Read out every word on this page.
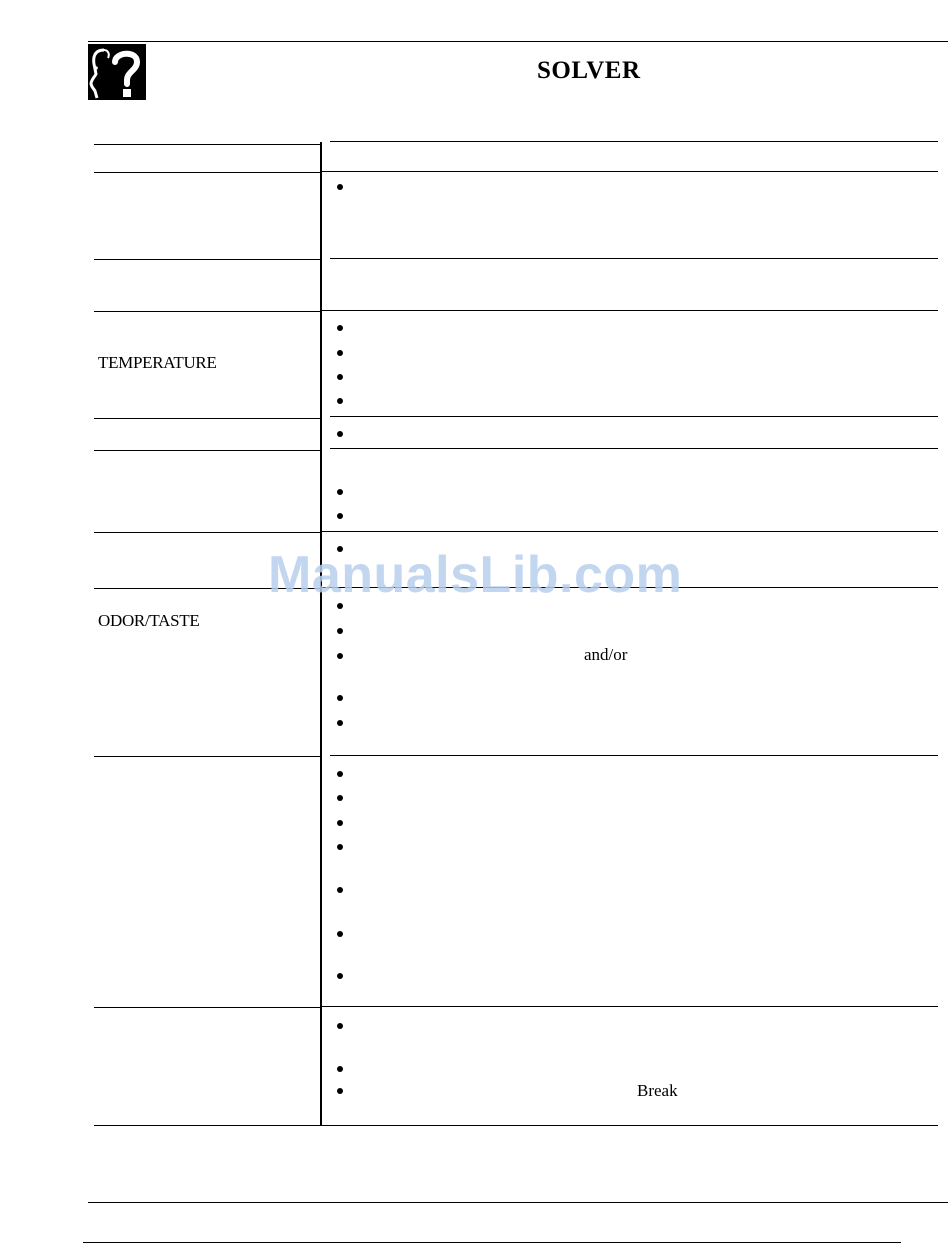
SOLVER
TEMPERATURE
ODOR/TASTE
and/or
Break
ManualsLib.com
